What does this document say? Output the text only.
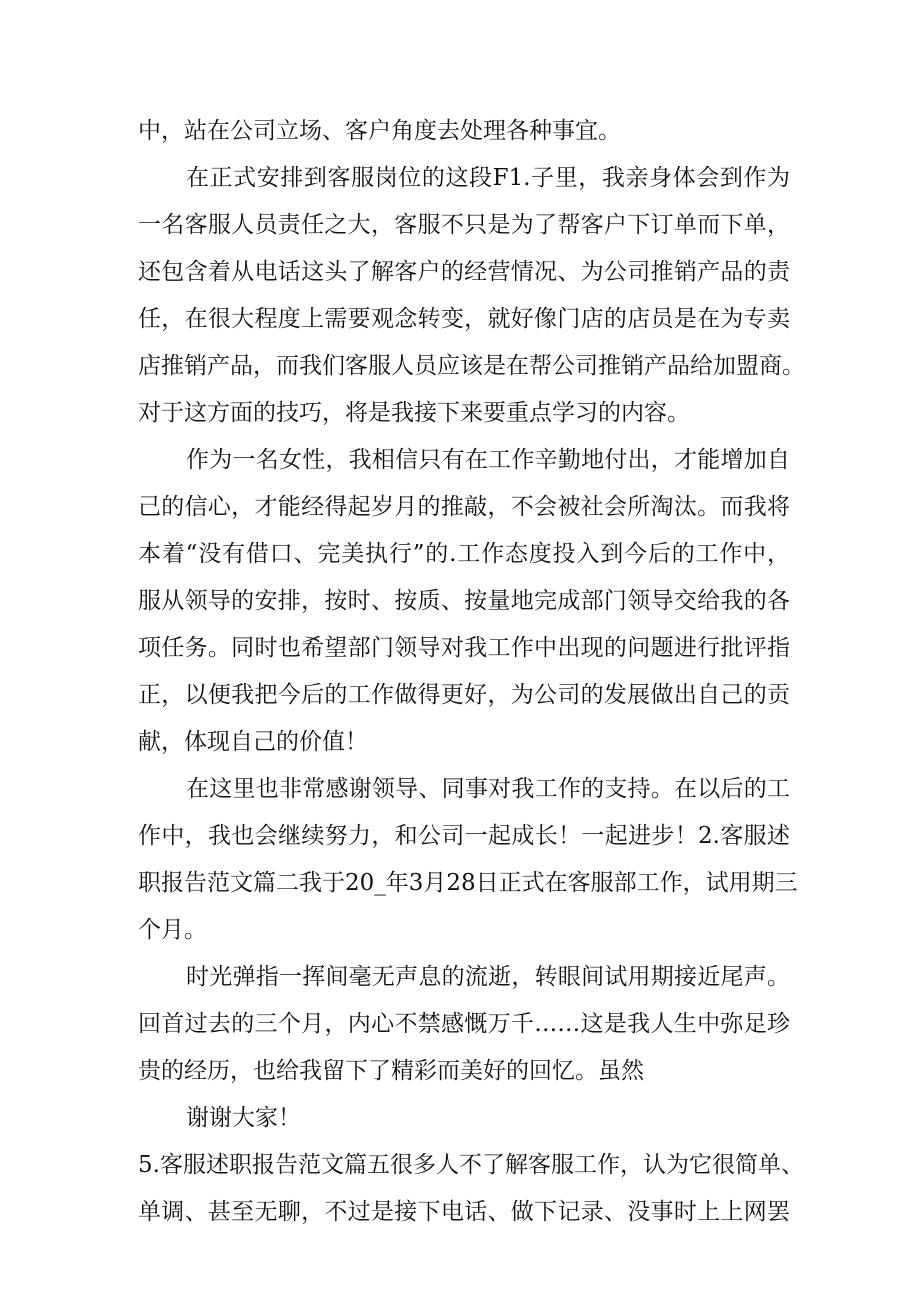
中，站在公司立场、客户角度去处理各种事宜。
在正式安排到客服岗位的这段F1.子里，我亲身体会到作为
一名客服人员责任之大，客服不只是为了帮客户下订单而下单，
还包含着从电话这头了解客户的经营情况、为公司推销产品的责
任，在很大程度上需要观念转变，就好像门店的店员是在为专卖
店推销产品，而我们客服人员应该是在帮公司推销产品给加盟商。
对于这方面的技巧，将是我接下来要重点学习的内容。
作为一名女性，我相信只有在工作辛勤地付出，才能增加自
己的信心，才能经得起岁月的推敲，不会被社会所淘汰。而我将
本着“没有借口、完美执行”的.工作态度投入到今后的工作中，
服从领导的安排，按时、按质、按量地完成部门领导交给我的各
项任务。同时也希望部门领导对我工作中出现的问题进行批评指
正，以便我把今后的工作做得更好，为公司的发展做出自己的贡
献，体现自己的价值！
在这里也非常感谢领导、同事对我工作的支持。在以后的工
作中，我也会继续努力，和公司一起成长！一起进步！2.客服述
职报告范文篇二我于20_年3月28日正式在客服部工作，试用期三
个月。
时光弹指一挥间毫无声息的流逝，转眼间试用期接近尾声。
回首过去的三个月，内心不禁感慨万千……这是我人生中弥足珍
贵的经历，也给我留下了精彩而美好的回忆。虽然
谢谢大家！
5.客服述职报告范文篇五很多人不了解客服工作，认为它很简单、
单调、甚至无聊，不过是接下电话、做下记录、没事时上上网罢
